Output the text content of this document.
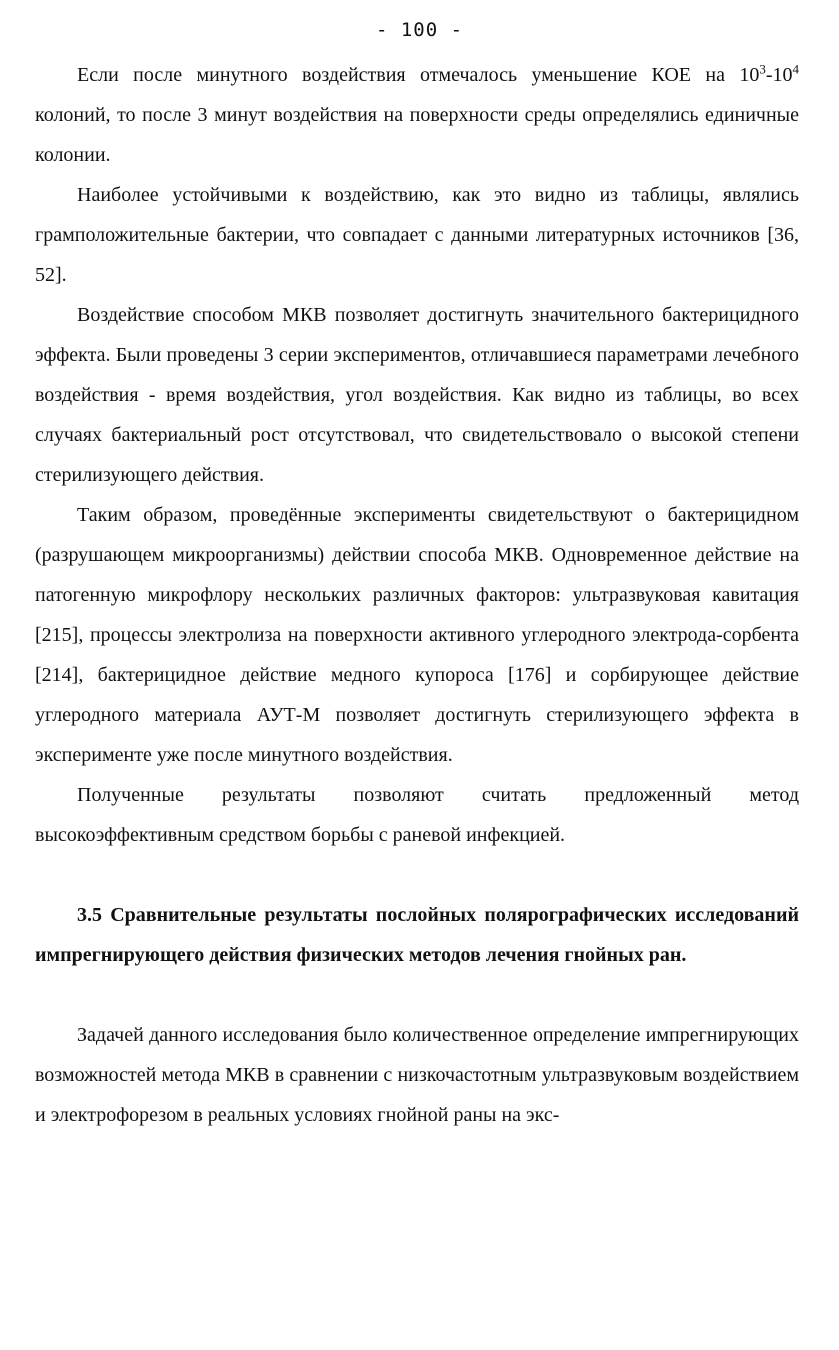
- 100 -

Если после минутного воздействия отмечалось уменьшение КОЕ на $10^3-10^4$ колоний, то после 3 минут воздействия на поверхности среды определялись единичные колонии.

Наиболее устойчивыми к воздействию, как это видно из таблицы, являлись грамположительные бактерии, что совпадает с данными литературных источников [36, 52].

Воздействие способом МКВ позволяет достигнуть значительного бактерицидного эффекта. Были проведены 3 серии экспериментов, отличавшиеся параметрами лечебного воздействия - время воздействия, угол воздействия. Как видно из таблицы, во всех случаях бактериальный рост отсутствовал, что свидетельствовало о высокой степени стерилизующего действия.

Таким образом, проведённые эксперименты свидетельствуют о бактерицидном (разрушающем микроорганизмы) действии способа МКВ. Одновременное действие на патогенную микрофлору нескольких различных факторов: ультразвуковая кавитация [215], процессы электролиза на поверхности активного углеродного электрода-сорбента [214], бактерицидное действие медного купороса [176] и сорбирующее действие углеродного материала АУТ-М позволяет достигнуть стерилизующего эффекта в эксперименте уже после минутного воздействия.

Полученные результаты позволяют считать предложенный метод высокоэффективным средством борьбы с раневой инфекцией.

3.5 Сравнительные результаты послойных полярографических исследований импрегнирующего действия физических методов лечения гнойных ран.

Задачей данного исследования было количественное определение импрегнирующих возможностей метода МКВ в сравнении с низкочастотным ультразвуковым воздействием и электрофорезом в реальных условиях гнойной раны на экс-
